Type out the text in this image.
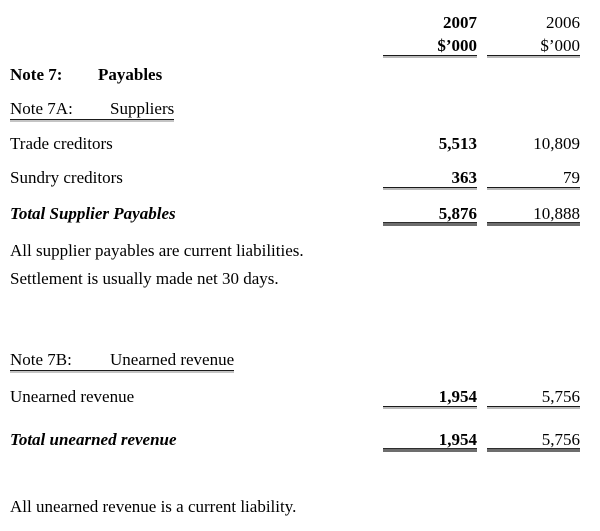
2007	2006
$’000	$’000
Note 7: Payables
Note 7A: Suppliers
Trade creditors	5,513	10,809
Sundry creditors	363	79
Total Supplier Payables	5,876	10,888
All supplier payables are current liabilities.
Settlement is usually made net 30 days.
Note 7B: Unearned revenue
Unearned revenue	1,954	5,756
Total unearned revenue	1,954	5,756
All unearned revenue is a current liability.
